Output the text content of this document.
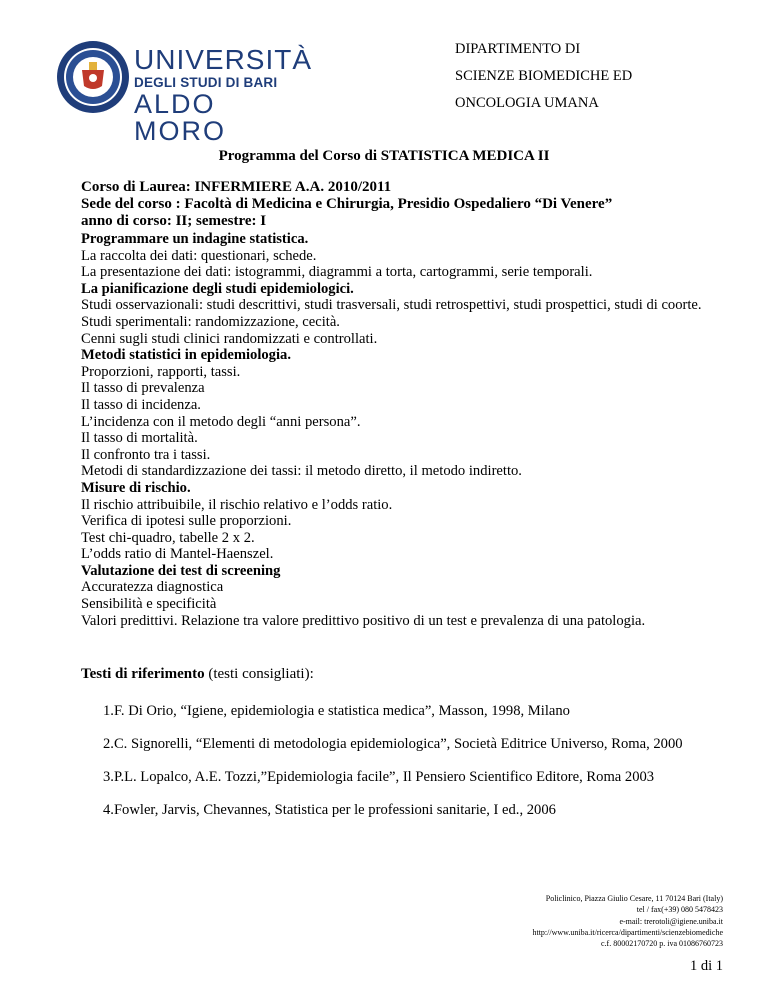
UNIVERSITÀ
DEGLI STUDI DI BARI
ALDO MORO
DIPARTIMENTO DI
SCIENZE BIOMEDICHE ED
ONCOLOGIA UMANA
Programma del Corso di STATISTICA MEDICA II
Corso di Laurea: INFERMIERE A.A. 2010/2011
Sede del corso : Facoltà di Medicina e Chirurgia, Presidio Ospedaliero “Di Venere”
anno di corso: II; semestre: I
Programmare un indagine statistica.
La raccolta dei dati: questionari, schede.
La presentazione dei dati: istogrammi, diagrammi a torta, cartogrammi, serie temporali.
La pianificazione degli studi epidemiologici.
Studi osservazionali: studi descrittivi, studi trasversali, studi retrospettivi, studi prospettici, studi di coorte.
Studi sperimentali: randomizzazione, cecità.
Cenni sugli studi clinici randomizzati e controllati.
Metodi statistici in epidemiologia.
Proporzioni, rapporti, tassi.
Il tasso di prevalenza
Il tasso di incidenza.
L’incidenza con il metodo degli “anni persona”.
Il tasso di mortalità.
Il confronto tra i tassi.
Metodi di standardizzazione dei tassi: il metodo diretto, il metodo indiretto.
Misure di rischio.
Il rischio attribuibile, il rischio relativo e l’odds ratio.
Verifica di ipotesi sulle proporzioni.
Test chi-quadro, tabelle 2 x 2.
L’odds ratio di Mantel-Haenszel.
Valutazione dei test di screening
Accuratezza diagnostica
Sensibilità e specificità
Valori predittivi. Relazione tra valore predittivo positivo di un test e prevalenza di una patologia.
Testi di riferimento (testi consigliati):
1.F. Di Orio, “Igiene, epidemiologia e statistica medica”, Masson, 1998, Milano
2.C. Signorelli, “Elementi di metodologia epidemiologica”, Società Editrice Universo, Roma, 2000
3.P.L. Lopalco, A.E. Tozzi,”Epidemiologia facile”, Il Pensiero Scientifico Editore, Roma 2003
4.Fowler, Jarvis, Chevannes, Statistica per le professioni sanitarie, I ed., 2006
Policlinico, Piazza Giulio Cesare, 11 70124 Bari (Italy)
tel / fax(+39) 080 5478423
e-mail: trerotoli@igiene.uniba.it
http://www.uniba.it/ricerca/dipartimenti/scienzebiomediche
c.f. 80002170720 p. iva 01086760723
1 di 1
